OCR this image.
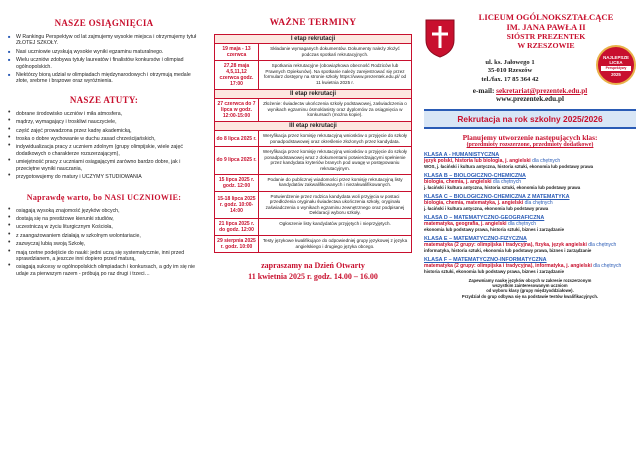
NASZE OSIĄGNIĘCIA
■ W Rankingu Perspektyw od lat zajmujemy wysokie miejsca i otrzymujemy tytuł ZŁOTEJ SZKOŁY.
■ Nasi uczniowie uzyskują wysokie wyniki egzaminu maturalnego.
■ Wielu uczniów zdobywa tytuły laureatów i finalistów konkursów i olimpiad ogólnopolskich.
■ Niektórzy biorą udział w olimpiadach międzynarodowych i otrzymują medale złote, srebrne i brązowe oraz wyróżnienia.
NASZE ATUTY:
• dobrane środowisko uczniów i miła atmosfera,
• mądrzy, wymagający i troskliwi nauczyciele,
• część zajęć prowadzona przez kadrę akademicką,
• troska o dobre wychowanie w duchu zasad chrześcijańskich,
• indywidualizacja pracy z uczniem zdolnym (grupy olimpijskie, wiele zajęć dodatkowych o charakterze rozszerzającym),
• umiejętność pracy z uczniami osiągającymi zarówno bardzo dobre, jak i przeciętne wyniki nauczania,
• przygotowujemy do matury i UCZYMY STUDIOWANIA
Naprawdę warto, bo NASI UCZNIOWIE:
• osiągają wysoką znajomość języków obcych,
• dostają się na prestiżowe kierunki studiów,
• uczestniczą w życiu liturgicznym Kościoła,
• z zaangażowaniem działają w szkolnym wolontariacie,
• zazwyczaj lubią swoją Szkołę,
• mają rzetne podejście do nauki: jedni uczą się systematycznie, inni przed sprawdzianem, a jeszcze inni dopiero przed maturą,
• osiągają sukcesy w ogólnopolskich olimpiadach i konkursach, a gdy im się nie udaje za pierwszym razem - próbują po raz drugi i trzeci…
WAŻNE TERMINY
I etap rekrutacji
19 maja - 13 czerwca
Składanie wymaganych dokumentów. Dokumenty należy złożyć podczas spotkań rekrutacyjnych.
27,28 maja 4,5,11,12 czerwca godz. 17:00
Spotkania rekrutacyjne (obowiązkowa obecność Rodziców lub Prawnych Opiekunów). Na spotkanie należy zarejestrować się przez formularz dostępny na stronie szkoły https://www.prezentek.edu.pl/ od 11 kwietnia 2025 r.
II etap rekrutacji
27 czerwca do 7 lipca w godz. 12:00-15:00
Złożenie: świadectw ukończenia szkoły podstawowej, zaświadczenia o wynikach egzaminu ósmoklasisty oraz dyplomów za osiągnięcia w konkursach (można kopie).
III etap rekrutacji
do 8 lipca 2025 r.
Weryfikacja przez komisję rekrutacyjną wniosków o przyjęcie do szkoły ponadpodstawowej oraz określenie złożonych przez kandydata.
do 9 lipca 2025 r.
Weryfikacja przez komisję rekrutacyjną wniosków o przyjęcie do szkoły ponadpodstawowej wraz z dokumentami potwierdzającymi spełnienie przez kandydata kryteriów branych pod uwagę w postępowaniu rekrutacyjnym.
15 lipca 2025 r. godz. 12:00
Podanie do publicznej wiadomości przez komisję rekrutacyjną listy kandydatów zakwalifikowanych i niezakwalifikowanych.
15-18 lipca 2025 r. godz. 10:00-14:00
Potwierdzenie przez rodzica kandydata woli przyjęcia w postaci przedłożenia oryginału świadectwa ukończenia szkoły, oryginału zaświadczenia o wynikach egzaminu zewnętrznego oraz podpisanej Deklaracji wyboru szkoły.
21 lipca 2025 r. do godz. 12:00
Ogłoszenie listy kandydatów przyjętych i nieprzyjętych.
29 sierpnia 2025 r. godz. 10:00
Testy językowe kwalifikujące do odpowiedniej grupy językowej z języka angielskiego i drugiego języka obcego.
zapraszamy na Dzień Otwarty
11 kwietnia 2025 r. godz. 14.00 – 16.00
LICEUM OGÓLNOKSZTAŁCĄCE
IM. JANA PAWŁA II
SIÓSTR PREZENTEK
W RZESZOWIE
ul. ks. Jałowego 1
35-010 Rzeszów
tel./fax. 17 85 364 42
NAJLEPSZE
LICEA
Perspektywy
2025
e-mail: sekretariat@prezentek.edu.pl
www.prezentek.edu.pl
Rekrutacja na rok szkolny 2025/2026
Planujemy utworzenie następujących klas:
(przedmioty rozszerzone, przedmioty dodatkowe)
KLASA A - HUMANISTYCZNA
język polski, historia lub biologia, j. angielski dla chętnych
WOS, j. łaciński i kultura antyczna, historia sztuki, ekonomia lub podstawy prawa
KLASA B – BIOLOGICZNO-CHEMICZNA
biologia, chemia, j. angielski dla chętnych
j. łaciński i kultura antyczna, historia sztuki, ekonomia lub podstawy prawa
KLASA C – BIOLOGICZNO-CHEMICZNA Z MATEMATYKA
biologia, chemia, matematyka, j. angielski dla chętnych
j. łaciński i kultura antyczna, ekonomia lub podstawy prawa
KLASA D – MATEMATYCZNO-GEOGRAFICZNA
matematyka, geografia, j. angielski dla chętnych
ekonomia lub podstawy prawa, historia sztuki, biznes i zarządzanie
KLASA E – MATEMATYCZNO-FIZYCZNA
matematyka (2 grupy: olimpijska i tradycyjna), fizyka, język angielski dla chętnych
informatyka, historia sztuki, ekonomia lub podstawy prawa, biznes i zarządzanie
KLASA F – MATEMATYCZNO-INFORMATYCZNA
matematyka (2 grupy: olimpijska i tradycyjna), informatyka, j. angielski dla chętnych
historia sztuki, ekonomia lub podstawy prawa, biznes i zarządzanie
Zapewniamy naukę języków obcych w zakresie rozszerzonym
wszystkim zainteresowanym uczniom
od wyboru klasy (grupy międzyoddziałowe).
Przydział do grup odbywa się na podstawie testów kwalifikacyjnych.
